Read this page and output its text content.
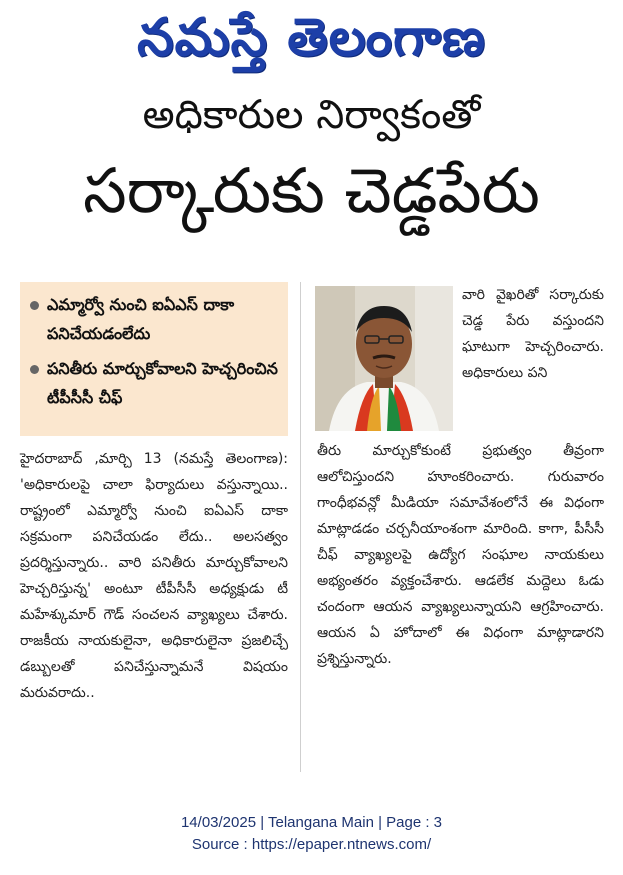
నమస్తే తెలంగాణ
అధికారుల నిర్వాకంతో
సర్కారుకు చెడ్డపేరు
ఎమ్మార్వో నుంచి ఐఏఎస్ దాకా పనిచేయడంలేదు
పనితీరు మార్చుకోవాలని హెచ్చరించిన టీపీసీసీ చీఫ్
వారి వైఖరితో సర్కారుకు చెడ్డ పేరు వస్తుందని ఘాటుగా హెచ్చరించారు. అధికారులు పని
తీరు మార్చుకోకుంటే ప్రభుత్వం తీవ్రంగా ఆలోచిస్తుందని హూంకరించారు. గురువారం గాంధీభవన్లో మీడియా సమావేశంలోనే ఈ విధంగా మాట్లాడడం చర్చనీయాంశంగా మారింది. కాగా, పీసీసీ చీఫ్ వ్యాఖ్యలపై ఉద్యోగ సంఘాల నాయకులు అభ్యంతరం వ్యక్తంచేశారు. ఆడలేక మద్దెలు ఓడు చందంగా ఆయన వ్యాఖ్యలున్నాయని ఆగ్రహించారు. ఆయన ఏ హోదాలో ఈ విధంగా మాట్లాడారని ప్రశ్నిస్తున్నారు.
హైదరాబాద్ ,మార్చి 13 (నమస్తే తెలంగాణ): 'అధికారులపై చాలా ఫిర్యాదులు వస్తున్నాయి.. రాష్ట్రంలో ఎమ్మార్వో నుంచి ఐఏఎస్ దాకా సక్రమంగా పనిచేయడం లేదు.. అలసత్వం ప్రదర్శిస్తున్నారు.. వారి పనితీరు మార్చుకోవాలని హెచ్చరిస్తున్న' అంటూ టీపీసీసీ అధ్యక్షుడు టీ మహేశ్కుమార్ గౌడ్ సంచలన వ్యాఖ్యలు చేశారు. రాజకీయ నాయకులైనా, అధికారులైనా ప్రజలిచ్చే డబ్బులతో పనిచేస్తున్నామనే విషయం మరువరాదు..
14/03/2025 | Telangana Main | Page : 3
Source : https://epaper.ntnews.com/
